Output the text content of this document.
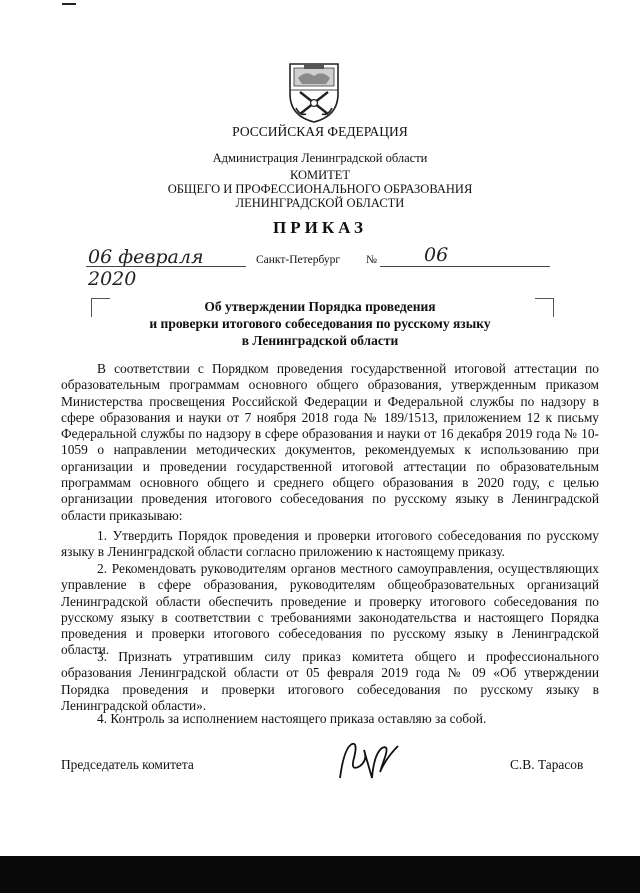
РОССИЙСКАЯ ФЕДЕРАЦИЯ
Администрация Ленинградской области
КОМИТЕТ
ОБЩЕГО И ПРОФЕССИОНАЛЬНОГО ОБРАЗОВАНИЯ
ЛЕНИНГРАДСКОЙ ОБЛАСТИ
ПРИКАЗ
06 февраля 2020
Санкт-Петербург № 06
Об утверждении Порядка проведения
и проверки итогового собеседования по русскому языку
в Ленинградской области

В соответствии с Порядком проведения государственной итоговой аттестации по образовательным программам основного общего образования, утвержденным приказом Министерства просвещения Российской Федерации и Федеральной службы по надзору в сфере образования и науки от 7 ноября 2018 года № 189/1513, приложением 12 к письму Федеральной службы по надзору в сфере образования и науки от 16 декабря 2019 года № 10-1059 о направлении методических документов, рекомендуемых к использованию при организации и проведении государственной итоговой аттестации по образовательным программам основного общего и среднего общего образования в 2020 году, с целью организации проведения итогового собеседования по русскому языку в Ленинградской области приказываю:

1. Утвердить Порядок проведения и проверки итогового собеседования по русскому языку в Ленинградской области согласно приложению к настоящему приказу.

2. Рекомендовать руководителям органов местного самоуправления, осуществляющих управление в сфере образования, руководителям общеобразовательных организаций Ленинградской области обеспечить проведение и проверку итогового собеседования по русскому языку в соответствии с требованиями законодательства и настоящего Порядка проведения и проверки итогового собеседования по русскому языку в Ленинградской области.

3. Признать утратившим силу приказ комитета общего и профессионального образования Ленинградской области от 05 февраля 2019 года № 09 «Об утверждении Порядка проведения и проверки итогового собеседования по русскому языку в Ленинградской области».

4. Контроль за исполнением настоящего приказа оставляю за собой.

Председатель комитета	С.В. Тарасов
